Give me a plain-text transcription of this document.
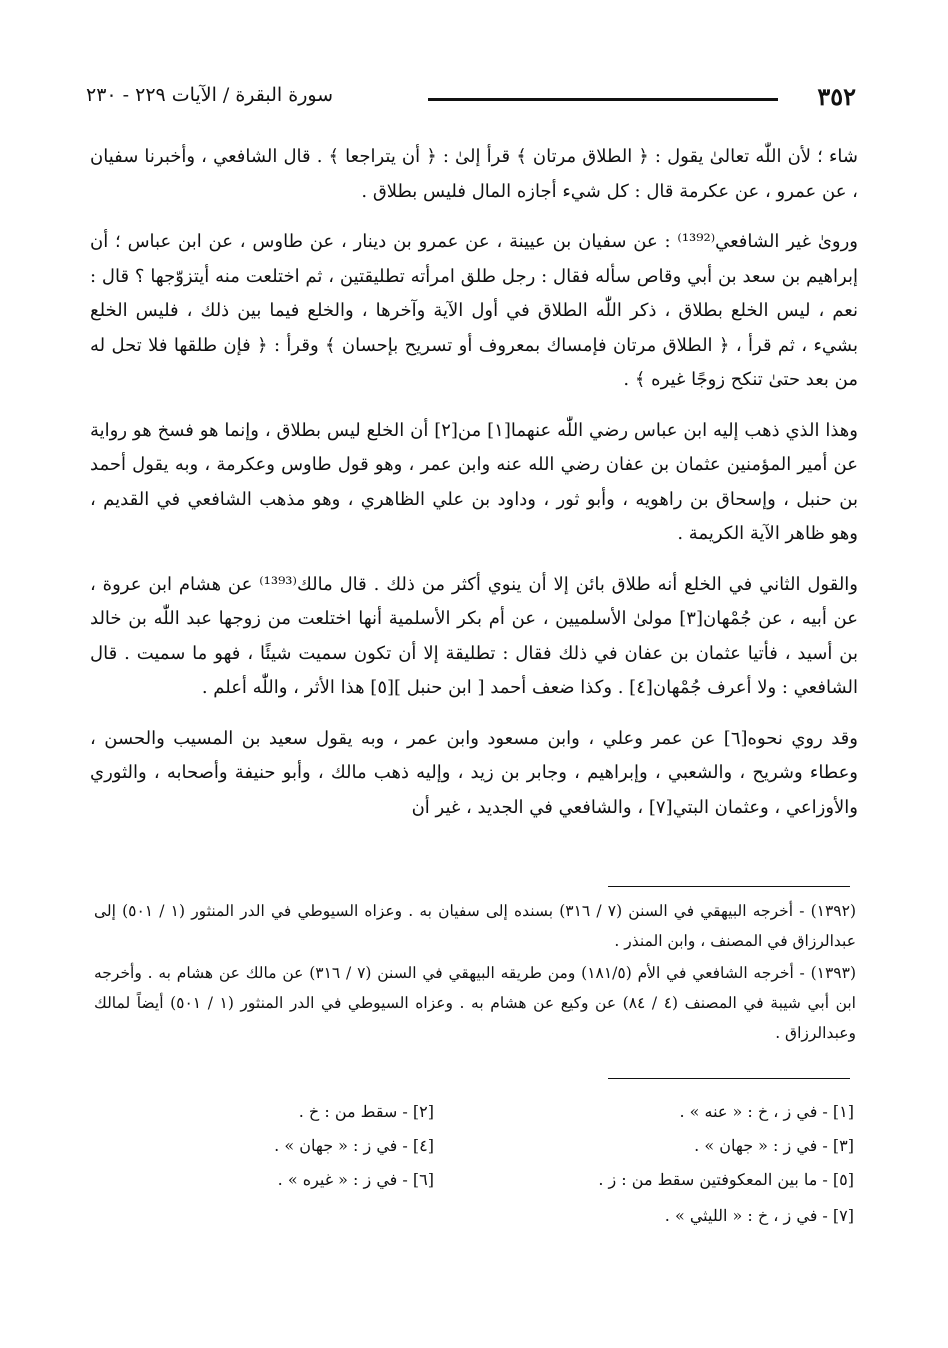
٣٥٢
سورة البقرة / الآيات ٢٢٩ - ٢٣٠

شاء ؛ لأن اللّٰه تعالىٰ يقول : ﴿ الطلاق مرتان ﴾ قرأ إلىٰ : ﴿ أن يتراجعا ﴾ . قال الشافعي ، وأخبرنا سفيان ، عن عمرو ، عن عكرمة قال : كل شيء أجازه المال فليس بطلاق .

ورویٰ غير الشافعي⁽¹³⁹²⁾ : عن سفيان بن عيينة ، عن عمرو بن دينار ، عن طاوس ، عن ابن عباس ؛ أن إبراهيم بن سعد بن أبي وقاص سأله فقال : رجل طلق امرأته تطليقتين ، ثم اختلعت منه أيتزوّجها ؟ قال : نعم ، ليس الخلع بطلاق ، ذكر اللّٰه الطلاق في أول الآية وآخرها ، والخلع فيما بين ذلك ، فليس الخلع بشيء ، ثم قرأ ، ﴿ الطلاق مرتان فإمساك بمعروف أو تسريح بإحسان ﴾ وقرأ : ﴿ فإن طلقها فلا تحل له من بعد حتىٰ تنكح زوجًا غيره ﴾ .

وهذا الذي ذهب إليه ابن عباس رضي اللّٰه عنهما[١] من[٢] أن الخلع ليس بطلاق ، وإنما هو فسخ هو رواية عن أمير المؤمنين عثمان بن عفان رضي الله عنه وابن عمر ، وهو قول طاوس وعكرمة ، وبه يقول أحمد بن حنبل ، وإسحاق بن راهويه ، وأبو ثور ، وداود بن علي الظاهري ، وهو مذهب الشافعي في القديم ، وهو ظاهر الآية الكريمة .

والقول الثاني في الخلع أنه طلاق بائن إلا أن ينوي أكثر من ذلك . قال مالك⁽¹³⁹³⁾ عن هشام ابن عروة ، عن أبيه ، عن جُمْهان[٣] مولیٰ الأسلميين ، عن أم بكر الأسلمية أنها اختلعت من زوجها عبد اللّٰه بن خالد بن أسيد ، فأتيا عثمان بن عفان في ذلك فقال : تطليقة إلا أن تكون سميت شيئًا ، فهو ما سميت . قال الشافعي : ولا أعرف جُمْهان[٤] . وكذا ضعف أحمد [ ابن حنبل ][٥] هذا الأثر ، واللّٰه أعلم .

وقد روي نحوه[٦] عن عمر وعلي ، وابن مسعود وابن عمر ، وبه يقول سعيد بن المسيب والحسن ، وعطاء وشريح ، والشعبي ، وإبراهيم ، وجابر بن زيد ، وإليه ذهب مالك ، وأبو حنيفة وأصحابه ، والثوري والأوزاعي ، وعثمان البتي[٧] ، والشافعي في الجديد ، غير أن

(١٣٩٢) - أخرجه البيهقي في السنن (٧ / ٣١٦) بسنده إلى سفيان به . وعزاه السيوطي في الدر المنثور (١ / ٥٠١) إلى عبدالرزاق في المصنف ، وابن المنذر .

(١٣٩٣) - أخرجه الشافعي في الأم (١٨١/٥) ومن طريقه البيهقي في السنن (٧ / ٣١٦) عن مالك عن هشام به . وأخرجه ابن أبي شيبة في المصنف (٤ / ٨٤) عن وكيع عن هشام به . وعزاه السيوطي في الدر المنثور (١ / ٥٠١) أيضاً لمالك وعبدالرزاق .

[١] - في ز ، خ : « عنه » .
[٢] - سقط من : خ .
[٣] - في ز : « جهان » .
[٤] - في ز : « جهان » .
[٥] - ما بين المعكوفتين سقط من : ز .
[٦] - في ز : « غيره » .
[٧] - في ز ، خ : « الليثي » .
